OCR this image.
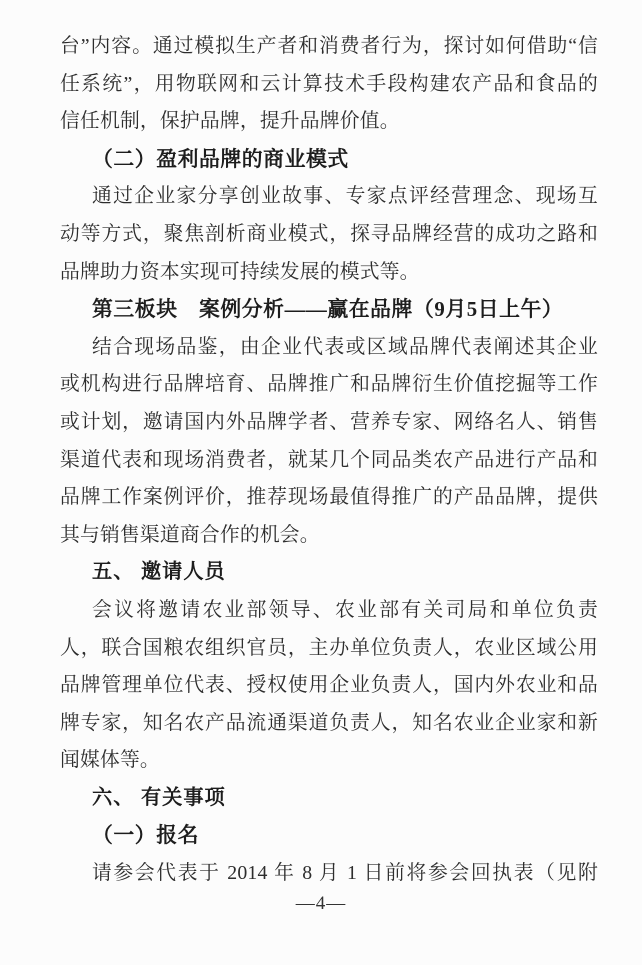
台”内容。通过模拟生产者和消费者行为，探讨如何借助“信
任系统”，用物联网和云计算技术手段构建农产品和食品的
信任机制，保护品牌，提升品牌价值。
（二）盈利品牌的商业模式
通过企业家分享创业故事、专家点评经营理念、现场互
动等方式，聚焦剖析商业模式，探寻品牌经营的成功之路和
品牌助力资本实现可持续发展的模式等。
第三板块　案例分析——赢在品牌（9月5日上午）
结合现场品鉴，由企业代表或区域品牌代表阐述其企业
或机构进行品牌培育、品牌推广和品牌衍生价值挖掘等工作
或计划，邀请国内外品牌学者、营养专家、网络名人、销售
渠道代表和现场消费者，就某几个同品类农产品进行产品和
品牌工作案例评价，推荐现场最值得推广的产品品牌，提供
其与销售渠道商合作的机会。
五、 邀请人员
会议将邀请农业部领导、农业部有关司局和单位负责
人，联合国粮农组织官员，主办单位负责人，农业区域公用
品牌管理单位代表、授权使用企业负责人，国内外农业和品
牌专家，知名农产品流通渠道负责人，知名农业企业家和新
闻媒体等。
六、 有关事项
（一）报名
请参会代表于 2014 年 8 月 1 日前将参会回执表（见附
—4—
